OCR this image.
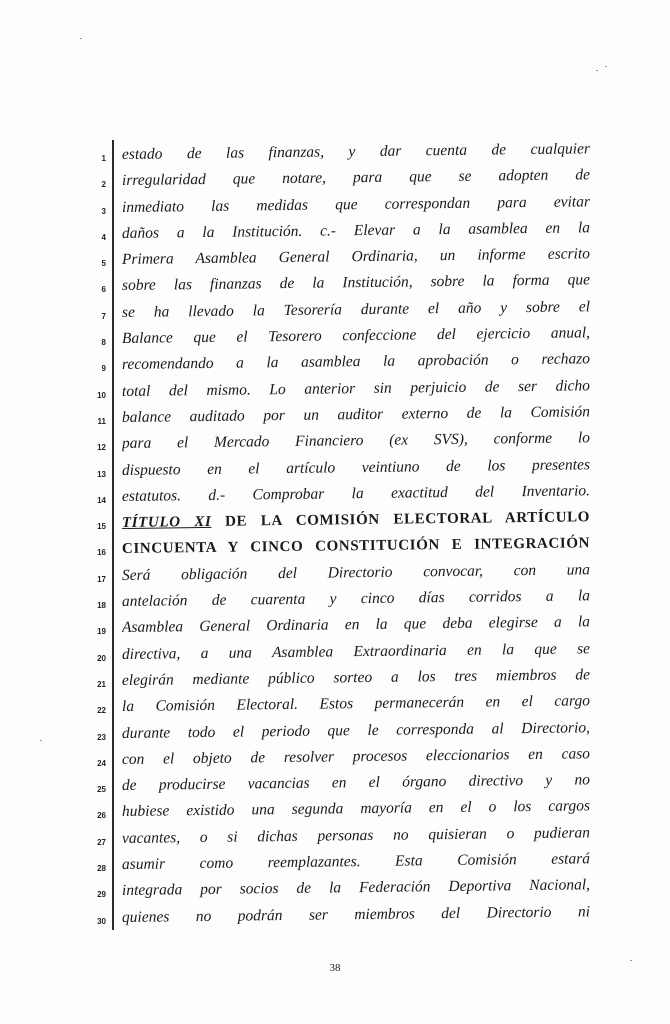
1
2
3
4
5
6
7
8
9
10
11
12
13
14
15
16
17
18
19
20
21
22
23
24
25
26
27
28
29
30
estado de las finanzas, y dar cuenta de cualquier
irregularidad que notare, para que se adopten de
inmediato las medidas que correspondan para evitar
daños a la Institución. c.- Elevar a la asamblea en la
Primera Asamblea General Ordinaria, un informe escrito
sobre las finanzas de la Institución, sobre la forma que
se ha llevado la Tesorería durante el año y sobre el
Balance que el Tesorero confeccione del ejercicio anual,
recomendando a la asamblea la aprobación o rechazo
total del mismo. Lo anterior sin perjuicio de ser dicho
balance auditado por un auditor externo de la Comisión
para el Mercado Financiero (ex SVS), conforme lo
dispuesto en el artículo veintiuno de los presentes
estatutos. d.- Comprobar la exactitud del Inventario.
TÍTULO XI DE LA COMISIÓN ELECTORAL ARTÍCULO
CINCUENTA Y CINCO CONSTITUCIÓN E INTEGRACIÓN
Será obligación del Directorio convocar, con una
antelación de cuarenta y cinco días corridos a la
Asamblea General Ordinaria en la que deba elegirse a la
directiva, a una Asamblea Extraordinaria en la que se
elegirán mediante público sorteo a los tres miembros de
la Comisión Electoral. Estos permanecerán en el cargo
durante todo el periodo que le corresponda al Directorio,
con el objeto de resolver procesos eleccionarios en caso
de producirse vacancias en el órgano directivo y no
hubiese existido una segunda mayoría en el o los cargos
vacantes, o si dichas personas no quisieran o pudieran
asumir como reemplazantes. Esta Comisión estará
integrada por socios de la Federación Deportiva Nacional,
quienes no podrán ser miembros del Directorio ni
38
